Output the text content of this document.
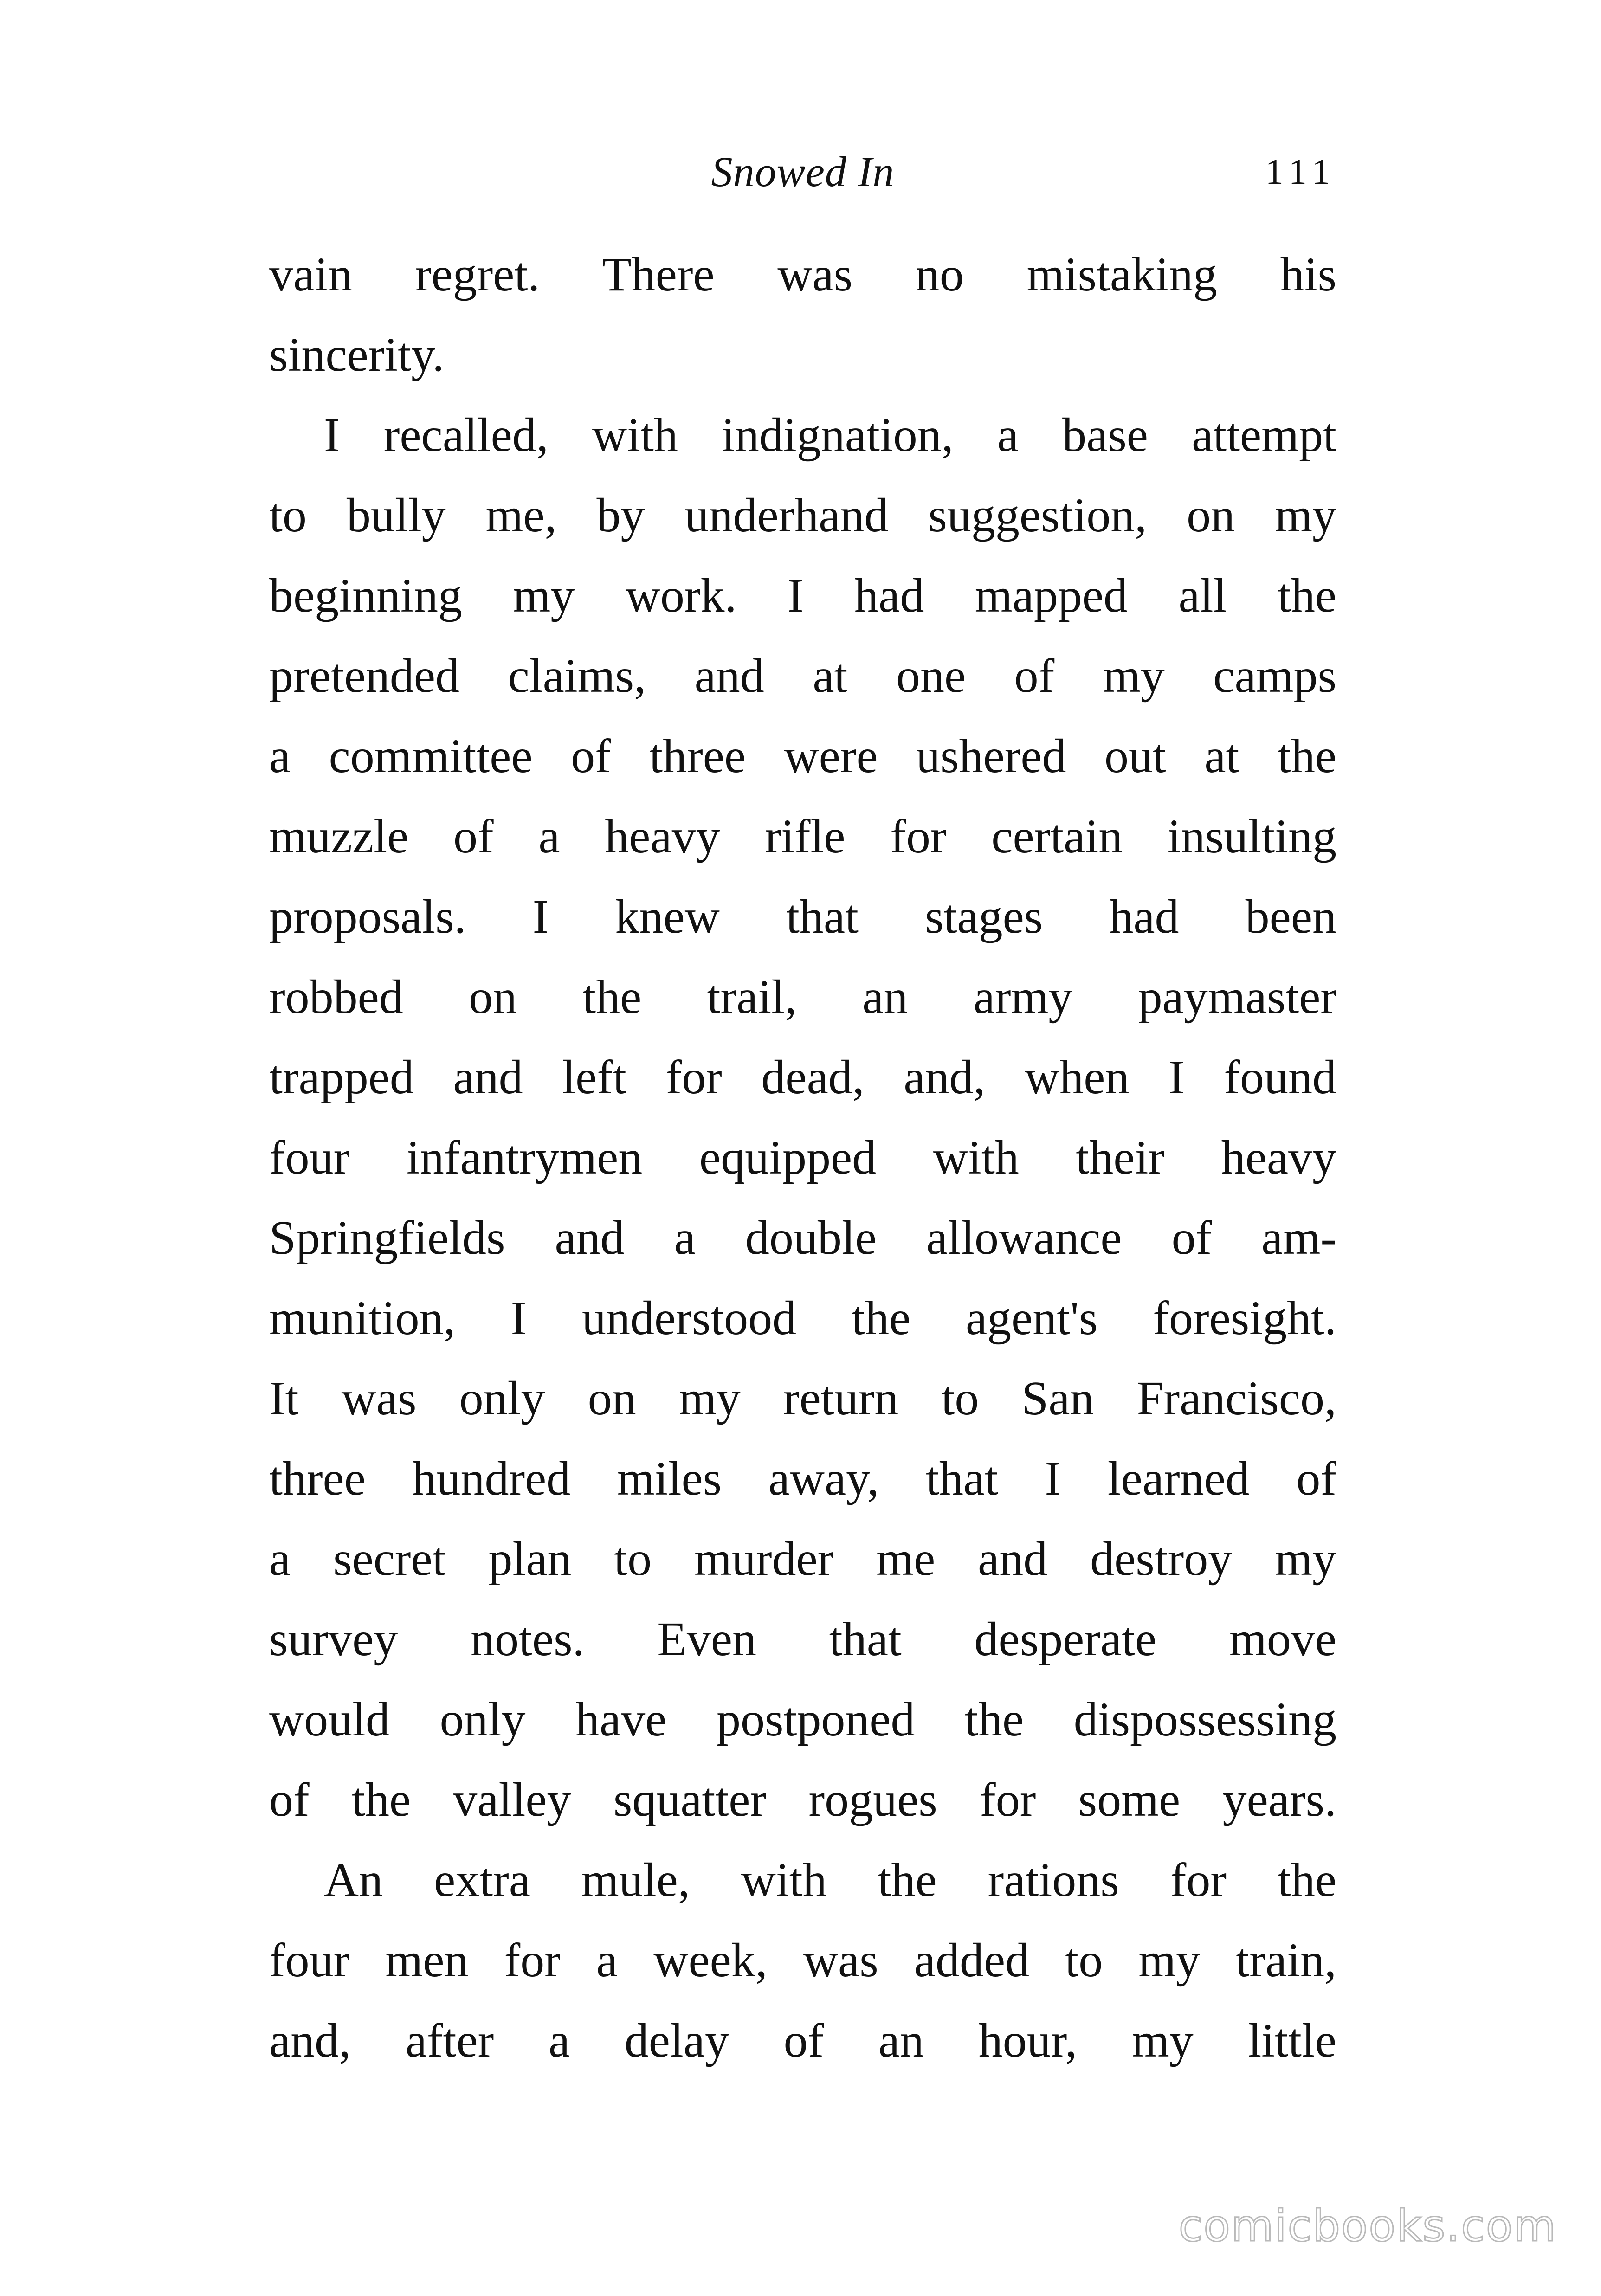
Snowed In	111
vain regret. There was no mistaking his
sincerity.
I recalled, with indignation, a base attempt
to bully me, by underhand suggestion, on my
beginning my work. I had mapped all the
pretended claims, and at one of my camps
a committee of three were ushered out at the
muzzle of a heavy rifle for certain insulting
proposals. I knew that stages had been
robbed on the trail, an army paymaster
trapped and left for dead, and, when I found
four infantrymen equipped with their heavy
Springfields and a double allowance of am-
munition, I understood the agent's foresight.
It was only on my return to San Francisco,
three hundred miles away, that I learned of
a secret plan to murder me and destroy my
survey notes. Even that desperate move
would only have postponed the dispossessing
of the valley squatter rogues for some years.
An extra mule, with the rations for the
four men for a week, was added to my train,
and, after a delay of an hour, my little
comicbooks.com
